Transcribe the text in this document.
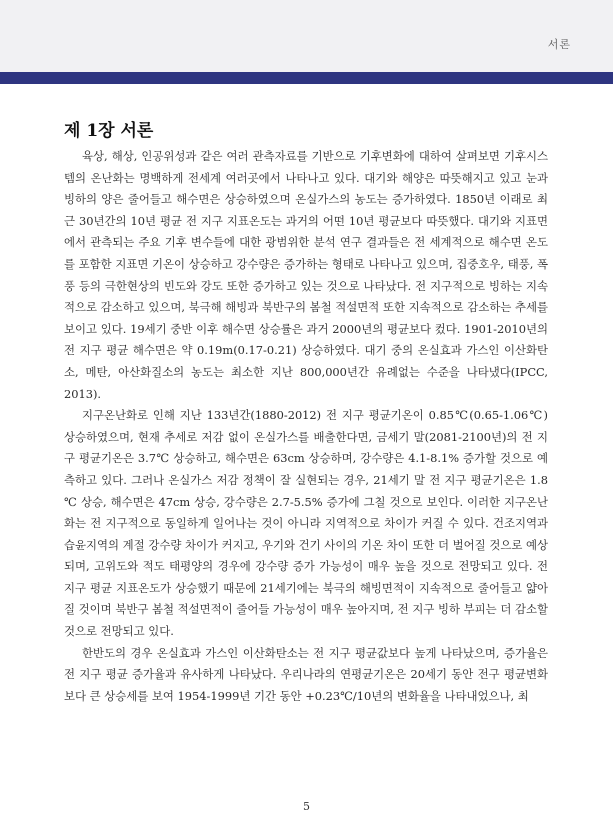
서론
제 1장 서론

육상, 해상, 인공위성과 같은 여러 관측자료를 기반으로 기후변화에 대하여 살펴보면 기후시스템의 온난화는 명백하게 전세계 여러곳에서 나타나고 있다. 대기와 해양은 따뜻해지고 있고 눈과 빙하의 양은 줄어들고 해수면은 상승하였으며 온실가스의 농도는 증가하였다. 1850년 이래로 최근 30년간의 10년 평균 전 지구 지표온도는 과거의 어떤 10년 평균보다 따뜻했다. 대기와 지표면에서 관측되는 주요 기후 변수들에 대한 광범위한 분석 연구 결과들은 전 세계적으로 해수면 온도를 포함한 지표면 기온이 상승하고 강수량은 증가하는 형태로 나타나고 있으며, 집중호우, 태풍, 폭풍 등의 극한현상의 빈도와 강도 또한 증가하고 있는 것으로 나타났다. 전 지구적으로 빙하는 지속적으로 감소하고 있으며, 북극해 해빙과 북반구의 봄철 적설면적 또한 지속적으로 감소하는 추세를 보이고 있다. 19세기 중반 이후 해수면 상승률은 과거 2000년의 평균보다 컸다. 1901-2010년의 전 지구 평균 해수면은 약 0.19m(0.17-0.21) 상승하였다. 대기 중의 온실효과 가스인 이산화탄소, 메탄, 아산화질소의 농도는 최소한 지난 800,000년간 유례없는 수준을 나타냈다(IPCC, 2013).

지구온난화로 인해 지난 133년간(1880-2012) 전 지구 평균기온이 0.85℃(0.65-1.06℃) 상승하였으며, 현재 추세로 저감 없이 온실가스를 배출한다면, 금세기 말(2081-2100년)의 전 지구 평균기온은 3.7℃ 상승하고, 해수면은 63cm 상승하며, 강수량은 4.1-8.1% 증가할 것으로 예측하고 있다. 그러나 온실가스 저감 정책이 잘 실현되는 경우, 21세기 말 전 지구 평균기온은 1.8 ℃ 상승, 해수면은 47cm 상승, 강수량은 2.7-5.5% 증가에 그칠 것으로 보인다. 이러한 지구온난화는 전 지구적으로 동일하게 일어나는 것이 아니라 지역적으로 차이가 커질 수 있다. 건조지역과 습윤지역의 계절 강수량 차이가 커지고, 우기와 건기 사이의 기온 차이 또한 더 벌어질 것으로 예상되며, 고위도와 적도 태평양의 경우에 강수량 증가 가능성이 매우 높을 것으로 전망되고 있다. 전 지구 평균 지표온도가 상승했기 때문에 21세기에는 북극의 해빙면적이 지속적으로 줄어들고 얇아질 것이며 북반구 봄철 적설면적이 줄어들 가능성이 매우 높아지며, 전 지구 빙하 부피는 더 감소할 것으로 전망되고 있다.

한반도의 경우 온실효과 가스인 이산화탄소는 전 지구 평균값보다 높게 나타났으며, 증가율은 전 지구 평균 증가율과 유사하게 나타났다. 우리나라의 연평균기온은 20세기 동안 전구 평균변화보다 큰 상승세를 보여 1954-1999년 기간 동안 +0.23℃/10년의 변화율을 나타내었으나, 최

5
